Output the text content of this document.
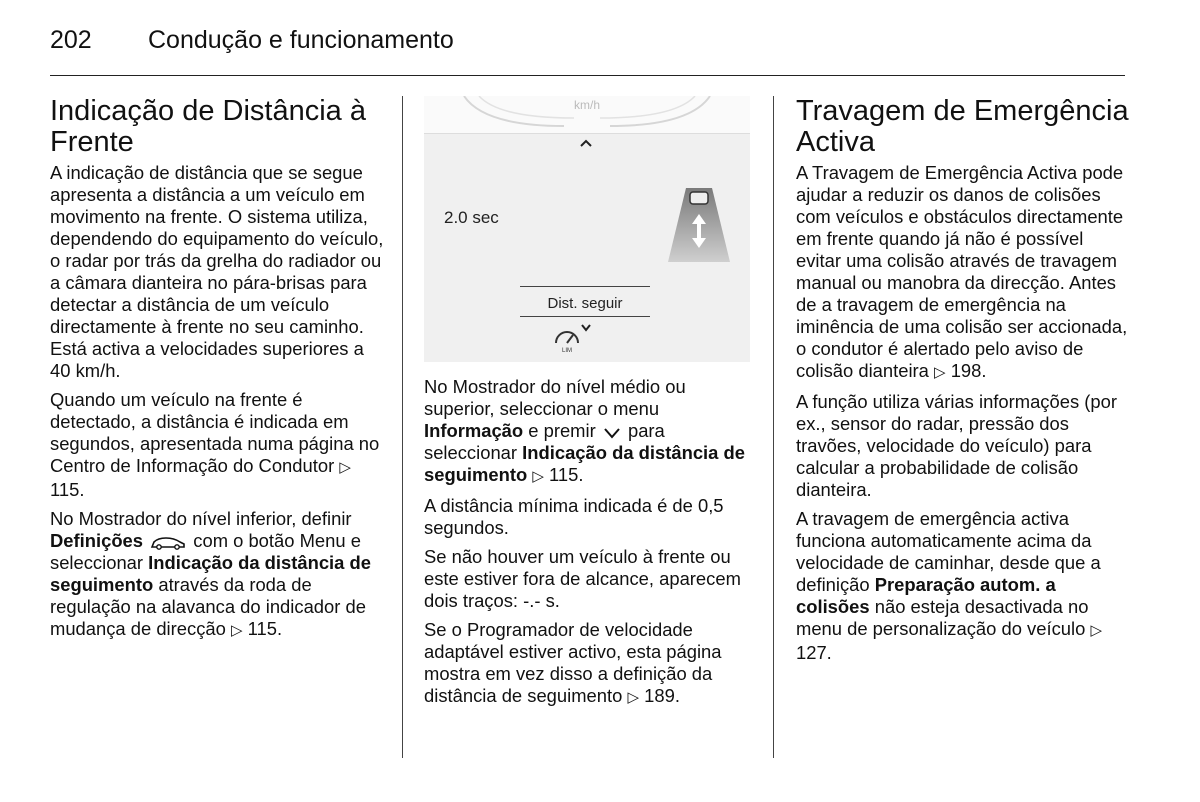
202 Condução e funcionamento
Indicação de Distância à Frente

A indicação de distância que se segue apresenta a distância a um veículo em movimento na frente. O sistema utiliza, dependendo do equipamento do veículo, o radar por trás da grelha do radiador ou a câmara dianteira no pára-brisas para detectar a distância de um veículo directamente à frente no seu caminho. Está activa a velocidades superiores a 40 km/h.

Quando um veículo na frente é detectado, a distância é indicada em segundos, apresentada numa página no Centro de Informação do Condutor ▷ 115.

No Mostrador do nível inferior, definir Definições	com o botão Menu e seleccionar Indicação da distância de seguimento através da roda de regulação na alavanca do indicador de mudança de direcção ▷ 115.

km/h
2.0 sec
Dist. seguir
LIM

No Mostrador do nível médio ou superior, seleccionar o menu Informação e premir para seleccionar Indicação da distância de seguimento ▷ 115.

A distância mínima indicada é de 0,5 segundos.

Se não houver um veículo à frente ou este estiver fora de alcance, aparecem dois traços: -.- s.

Se o Programador de velocidade adaptável estiver activo, esta página mostra em vez disso a definição da distância de seguimento ▷ 189.

Travagem de Emergência Activa

A Travagem de Emergência Activa pode ajudar a reduzir os danos de colisões com veículos e obstáculos directamente em frente quando já não é possível evitar uma colisão através de travagem manual ou manobra da direcção. Antes de a travagem de emergência na iminência de uma colisão ser accionada, o condutor é alertado pelo aviso de colisão dianteira ▷ 198.

A função utiliza várias informações (por ex., sensor do radar, pressão dos travões, velocidade do veículo) para calcular a probabilidade de colisão dianteira.

A travagem de emergência activa funciona automaticamente acima da velocidade de caminhar, desde que a definição Preparação autom. a colisões não esteja desactivada no menu de personalização do veículo ▷ 127.
